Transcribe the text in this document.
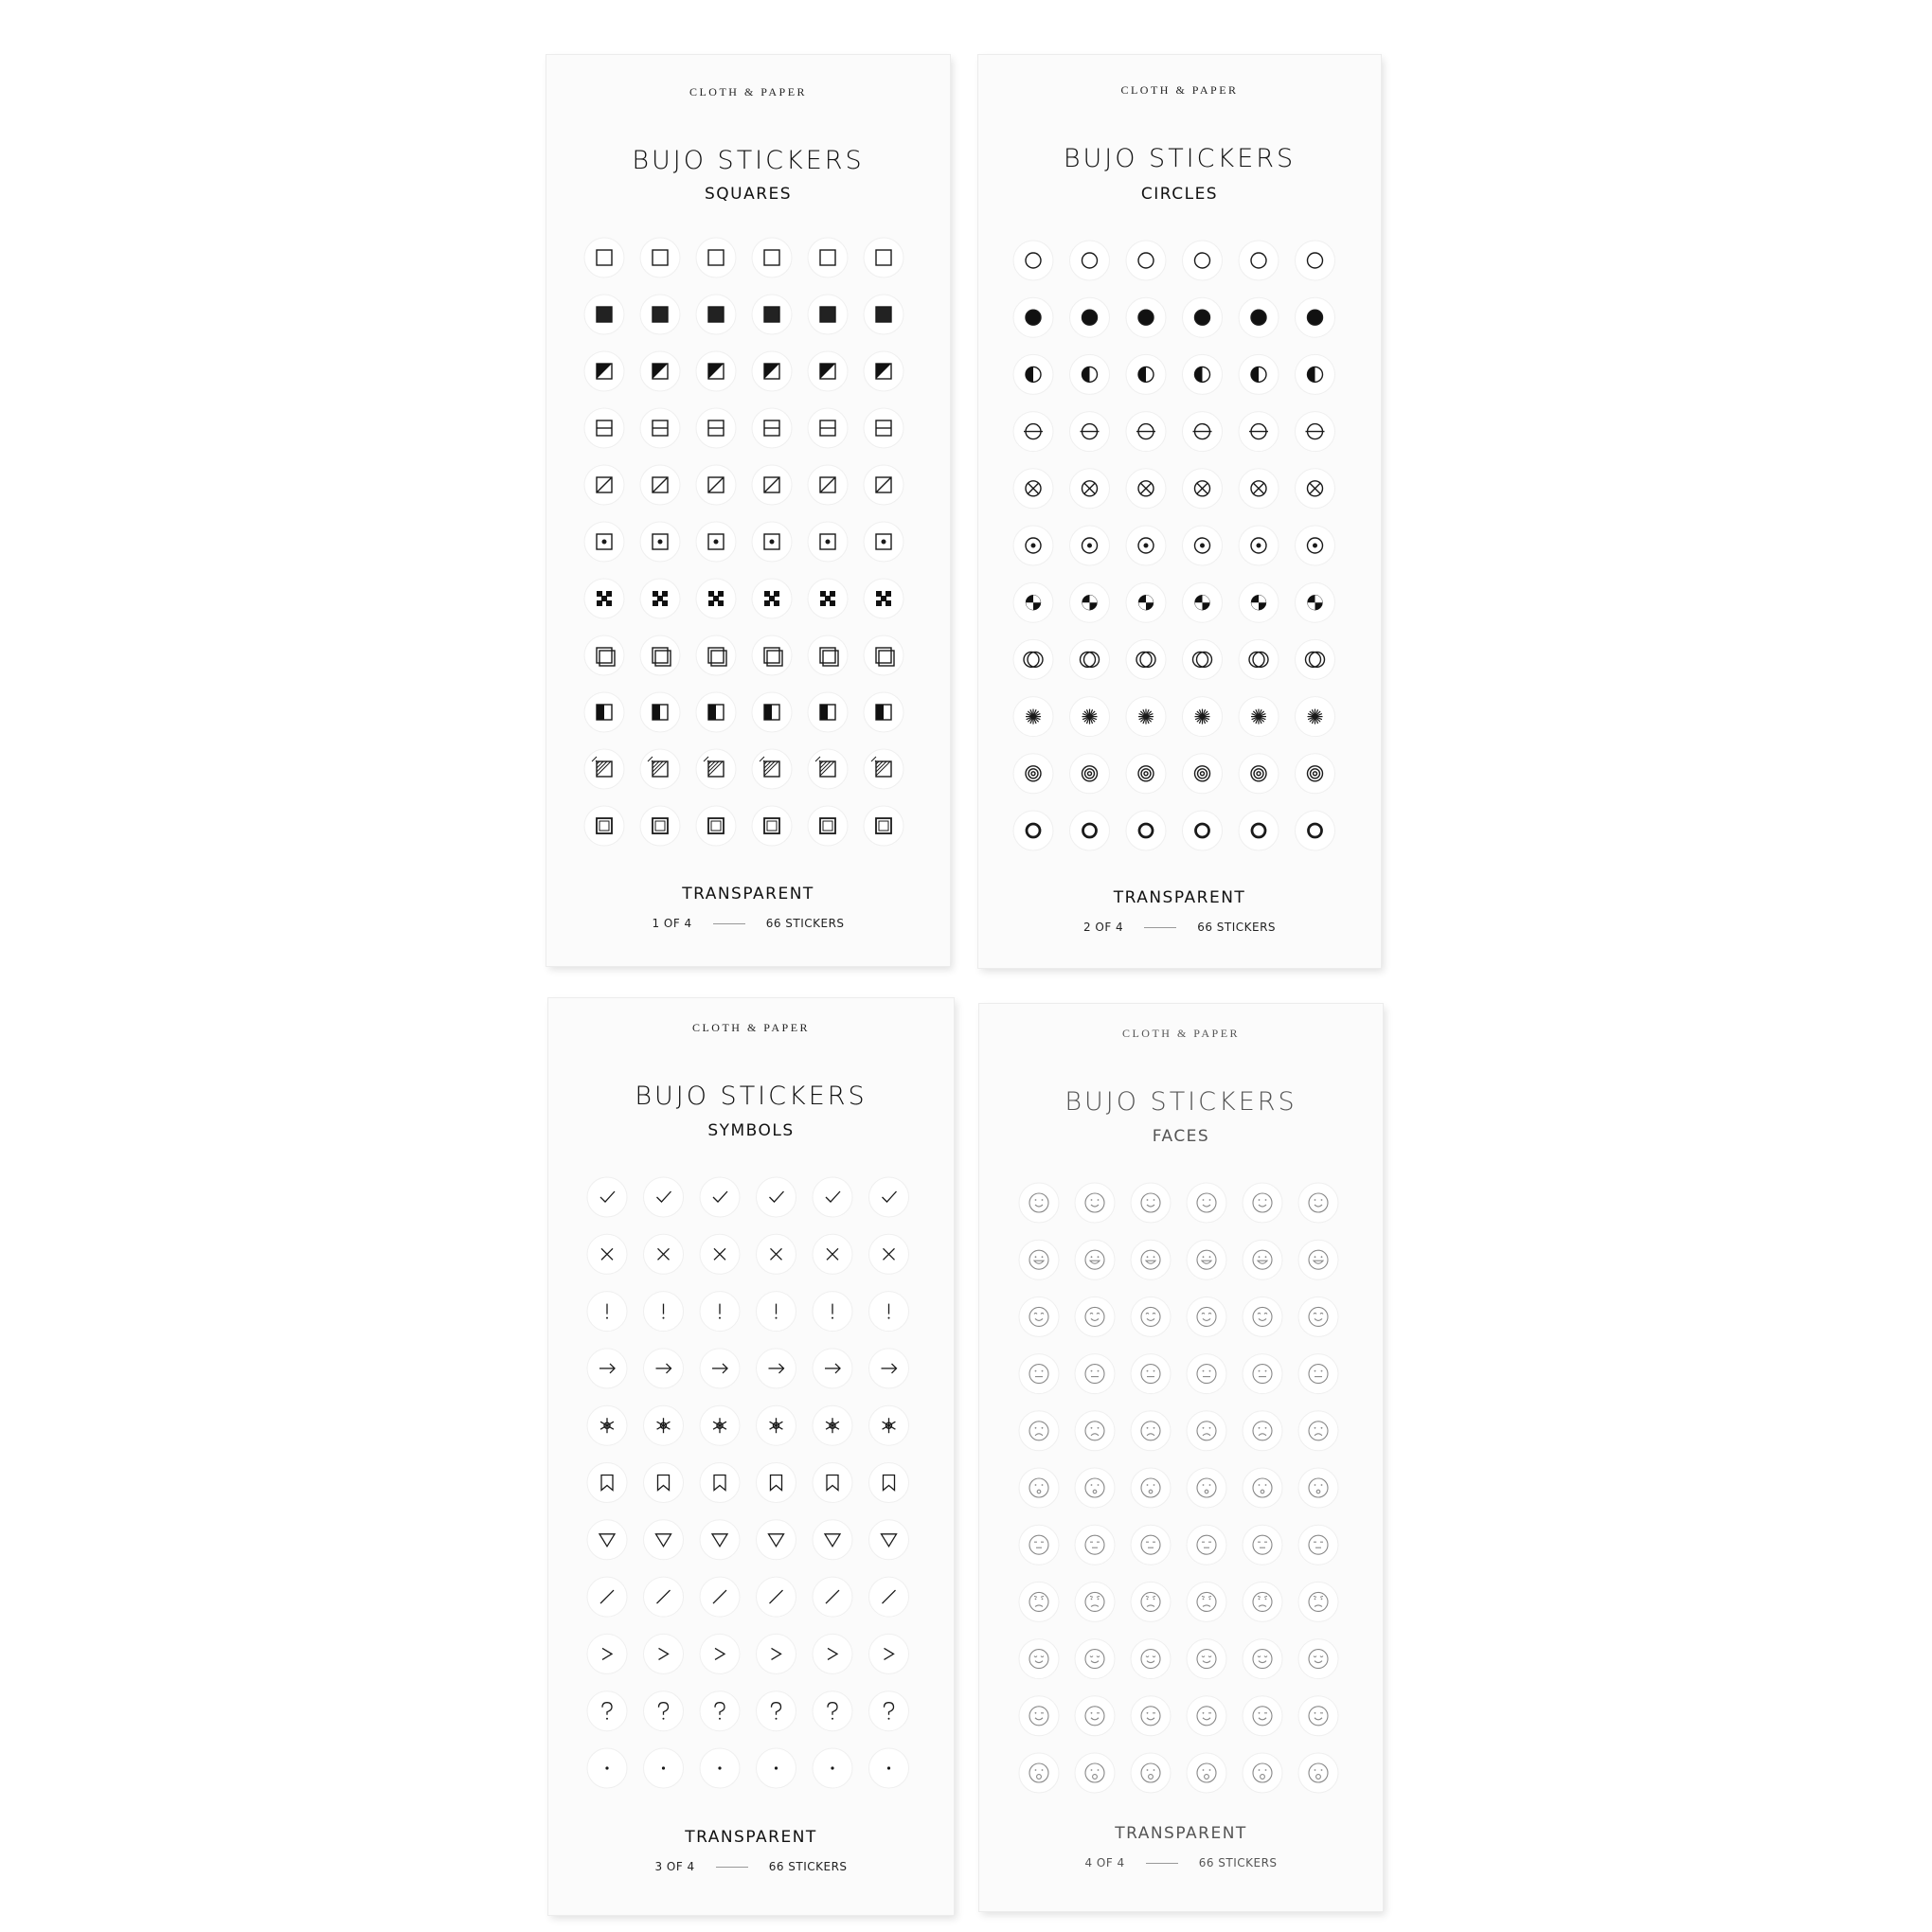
CLOTH & PAPER
BUJO STICKERS
SQUARES
TRANSPARENT
1 OF 4	66 STICKERS
CLOTH & PAPER
BUJO STICKERS
CIRCLES
TRANSPARENT
2 OF 4	66 STICKERS
CLOTH & PAPER
BUJO STICKERS
SYMBOLS
TRANSPARENT
3 OF 4	66 STICKERS
CLOTH & PAPER
BUJO STICKERS
FACES
TRANSPARENT
4 OF 4	66 STICKERS
